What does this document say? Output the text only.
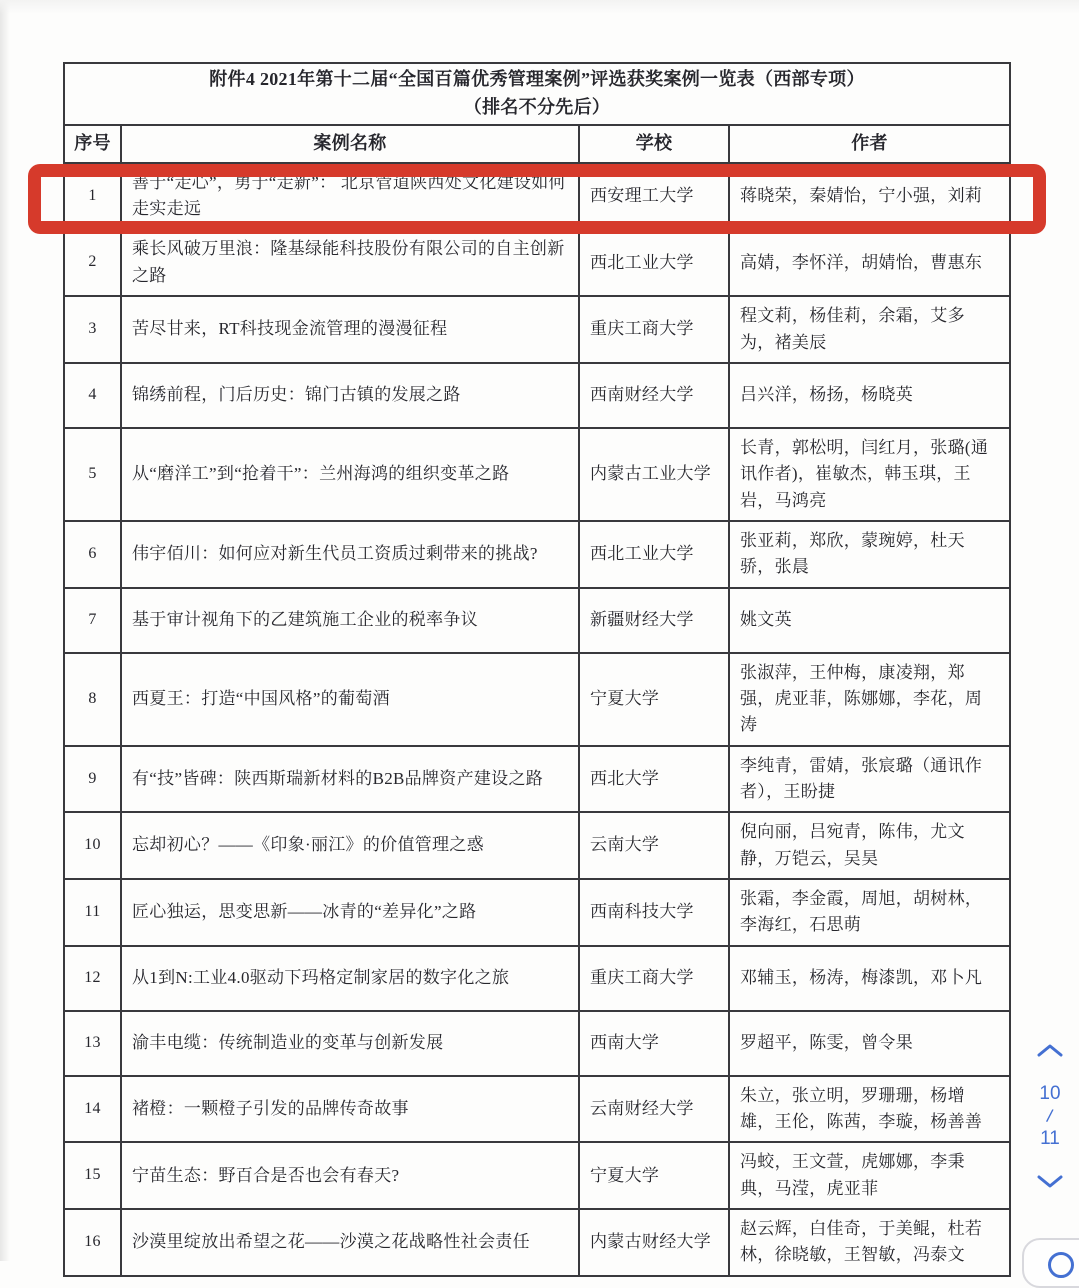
附件4 2021年第十二届“全国百篇优秀管理案例”评选获奖案例一览表（西部专项）
（排名不分先后）			
序号	案例名称	学校	作者
1	善于“走心”，勇于“走新”： 北京管道陕西处文化建设如何走实走远	西安理工大学	蒋晓荣，秦婧怡，宁小强，刘莉
2	乘长风破万里浪：隆基绿能科技股份有限公司的自主创新之路	西北工业大学	高婧，李怀洋，胡婧怡，曹惠东
3	苦尽甘来，RT科技现金流管理的漫漫征程	重庆工商大学	程文莉，杨佳莉，余霜，艾多为，褚美辰
4	锦绣前程，门后历史：锦门古镇的发展之路	西南财经大学	吕兴洋，杨扬，杨晓英
5	从“磨洋工”到“抢着干”：兰州海鸿的组织变革之路	内蒙古工业大学	长青，郭松明，闫红月，张璐(通讯作者)，崔敏杰，韩玉琪，王岩，马鸿亮
6	伟宇佰川：如何应对新生代员工资质过剩带来的挑战?	西北工业大学	张亚莉，郑欣，蒙琬婷，杜天骄，张晨
7	基于审计视角下的乙建筑施工企业的税率争议	新疆财经大学	姚文英
8	西夏王：打造“中国风格”的葡萄酒	宁夏大学	张淑萍，王仲梅，康凌翔，郑强，虎亚菲，陈娜娜，李花，周涛
9	有“技”皆碑：陕西斯瑞新材料的B2B品牌资产建设之路	西北大学	李纯青，雷婧，张宸璐（通讯作者），王盼捷
10	忘却初心？——《印象·丽江》的价值管理之惑	云南大学	倪向丽，吕宛青，陈伟，尤文静，万铠云，吴昊
11	匠心独运，思变思新——冰青的“差异化”之路	西南科技大学	张霜，李金霞，周旭，胡树林，李海红，石思萌
12	从1到N:工业4.0驱动下玛格定制家居的数字化之旅	重庆工商大学	邓辅玉，杨涛，梅漆凯，邓卜凡
13	渝丰电缆：传统制造业的变革与创新发展	西南大学	罗超平，陈雯，曾令果
14	褚橙：一颗橙子引发的品牌传奇故事	云南财经大学	朱立，张立明，罗珊珊，杨增雄，王伦，陈茜，李璇，杨善善
15	宁苗生态：野百合是否也会有春天?	宁夏大学	冯蛟，王文萱，虎娜娜，李秉典，马滢，虎亚菲
16	沙漠里绽放出希望之花——沙漠之花战略性社会责任	内蒙古财经大学	赵云辉，白佳奇，于美鲲，杜若林，徐晓敏，王智敏，冯泰文
10
/
11
